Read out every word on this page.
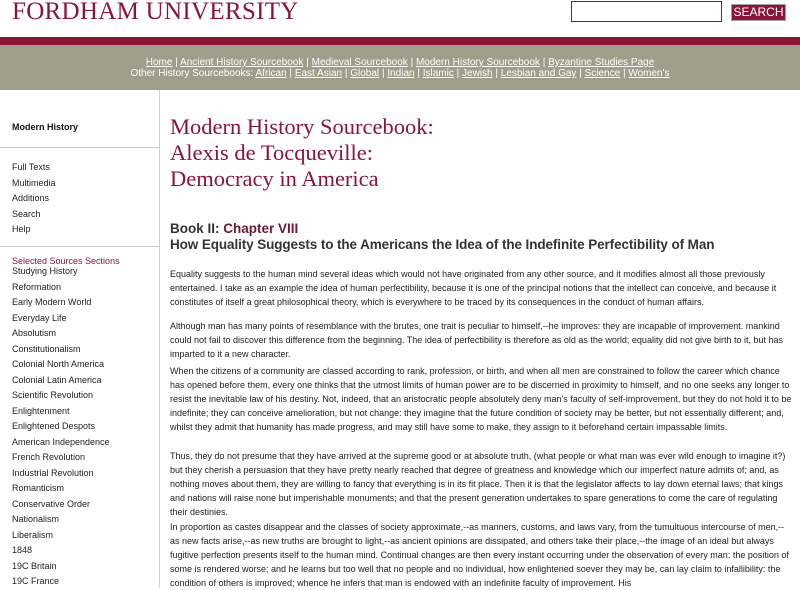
FORDHAM UNIVERSITY	SEARCH
Home | Ancient History Sourcebook | Medieval Sourcebook | Modern History Sourcebook | Byzantine Studies Page
Other History Sourcebooks: African | East Asian | Global | Indian | Islamic | Jewish | Lesbian and Gay | Science | Women's
Modern History
Full Texts
Multimedia
Additions
Search
Help
Selected Sources Sections
Studying History
Reformation
Early Modern World
Everyday Life
Absolutism
Constitutionalism
Colonial North America
Colonial Latin America
Scientific Revolution
Enlightenment
Enlightened Despots
American Independence
French Revolution
Industrial Revolution
Romanticism
Conservative Order
Nationalism
Liberalism
1848
19C Britain
19C France
Modern History Sourcebook:
Alexis de Tocqueville:
Democracy in America
Book II: Chapter VIII
How Equality Suggests to the Americans the Idea of the Indefinite Perfectibility of Man

Equality suggests to the human mind several ideas which would not have originated from any other source, and it modifies almost all those previously entertained. I take as an example the idea of human perfectibility, because it is one of the principal notions that the intellect can conceive, and because it constitutes of itself a great philosophical theory, which is everywhere to be traced by its consequences in the conduct of human affairs.

Although man has many points of resemblance with the brutes, one trait is peculiar to himself,--he improves: they are incapable of improvement. mankind could not fail to discover this difference from the beginning. The idea of perfectibility is therefore as old as the world; equality did not give birth to it, but has imparted to it a new character.

When the citizens of a community are classed according to rank, profession, or birth, and when all men are constrained to follow the career which chance has opened before them, every one thinks that the utmost limits of human power are to be discerned in proximity to himself, and no one seeks any longer to resist the inevitable law of his destiny. Not, indeed, that an aristocratic people absolutely deny man's faculty of self-improvement, but they do not hold it to be indefinite; they can conceive amelioration, but not change: they imagine that the future condition of society may be better, but not essentially different; and, whilst they admit that humanity has made progress, and may still have some to make, they assign to it beforehand certain impassable limits.

Thus, they do not presume that they have arrived at the supreme good or at absolute truth, (what people or what man was ever wild enough to imagine it?) but they cherish a persuasion that they have pretty nearly reached that degree of greatness and knowledge which our imperfect nature admits of; and, as nothing moves about them, they are willing to fancy that everything is in its fit place. Then it is that the legislator affects to lay down eternal laws; that kings and nations will raise none but imperishable monuments; and that the present generation undertakes to spare generations to come the care of regulating their destinies.

In proportion as castes disappear and the classes of society approximate,--as manners, customs, and laws vary, from the tumultuous intercourse of men,--as new facts arise,--as new truths are brought to light,--as ancient opinions are dissipated, and others take their place,--the image of an ideal but always fugitive perfection presents itself to the human mind. Continual changes are then every instant occurring under the observation of every man: the position of some is rendered worse; and he learns but too well that no people and no individual, how enlightened soever they may be, can lay claim to infallibility: the condition of others is improved; whence he infers that man is endowed with an indefinite faculty of improvement. His
